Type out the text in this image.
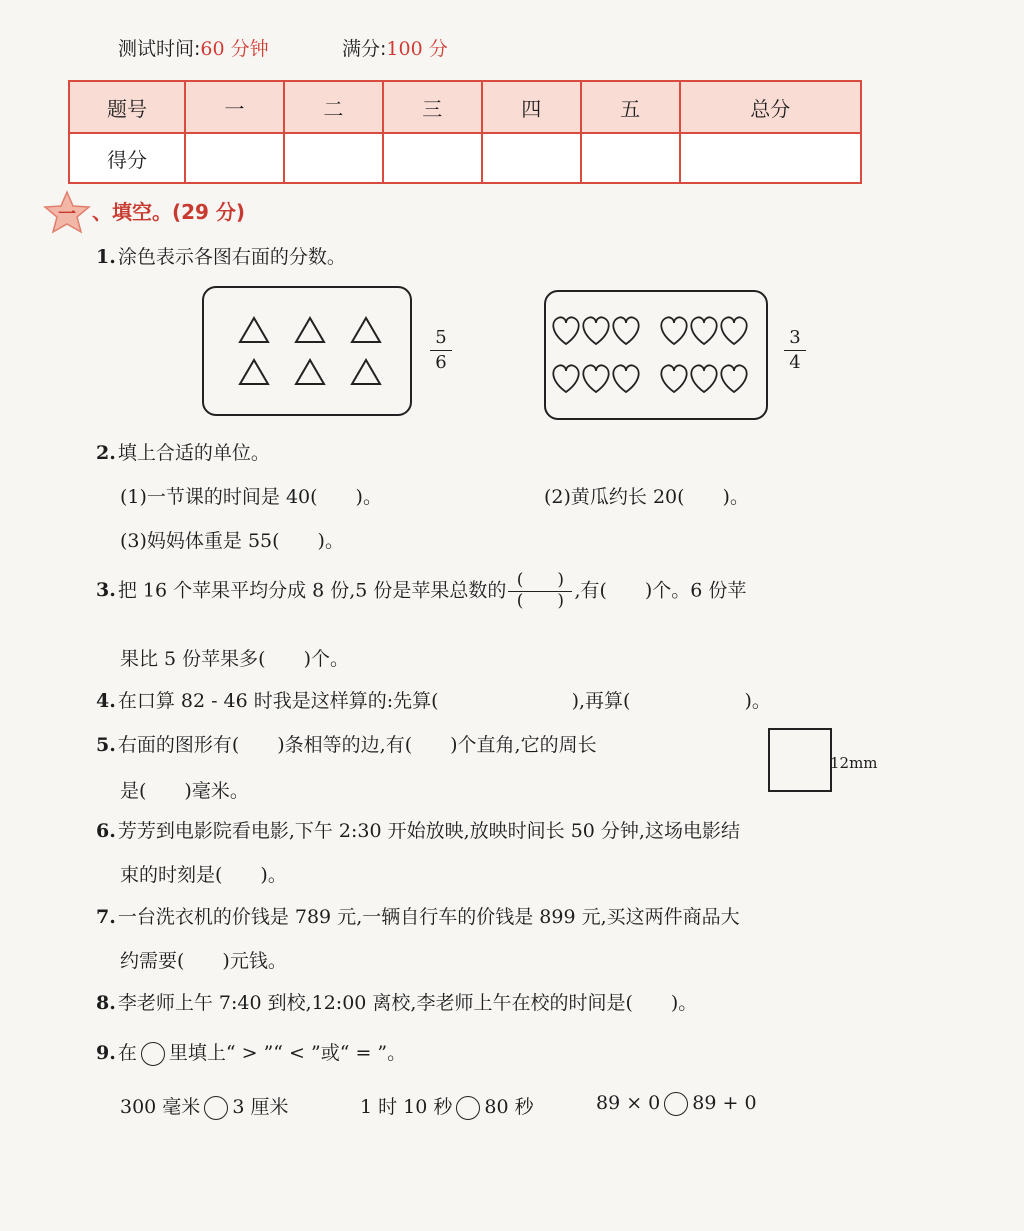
测试时间:60 分钟	满分:100 分
题号	一	二	三	四	五	总分
得分						
一 、填空。(29 分)
1. 涂色表示各图右面的分数。
$\frac{5}{6}$	$\frac{3}{4}$
2. 填上合适的单位。
(1)一节课的时间是 40(　　)。	(2)黄瓜约长 20(　　)。
(3)妈妈体重是 55(　　)。
3. 把 16 个苹果平均分成 8 份,5 份是苹果总数的 (　　)
(　　) ,有(　　)个。6 份苹
果比 5 份苹果多(　　)个。
4. 在口算 82 - 46 时我是这样算的:先算(　　　　　　　),再算(　　　　　　)。
5. 右面的图形有(　　)条相等的边,有(　　)个直角,它的周长
是(　　)毫米。
12mm
6. 芳芳到电影院看电影,下午 2:30 开始放映,放映时间长 50 分钟,这场电影结
束的时刻是(　　)。
7. 一台洗衣机的价钱是 789 元,一辆自行车的价钱是 899 元,买这两件商品大
约需要(　　)元钱。
8. 李老师上午 7:40 到校,12:00 离校,李老师上午在校的时间是(　　)。
9. 在 里填上“ > ”“ < ”或“ = ”。
300 毫米 3 厘米	1 时 10 秒 80 秒	89 × 0 89 + 0
